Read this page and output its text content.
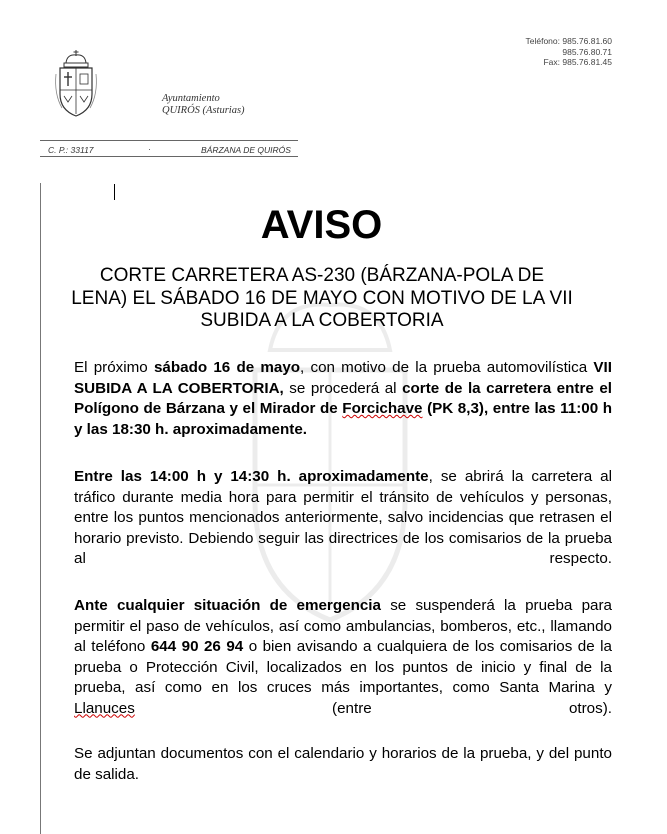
Teléfono: 985.76.81.60
985.76.80.71
Fax: 985.76.81.45
Ayuntamiento
QUIRÓS (Asturias)
C. P.: 33117	·	BÁRZANA DE QUIRÓS
AVISO
CORTE CARRETERA AS-230 (BÁRZANA-POLA DE LENA) EL SÁBADO 16 DE MAYO CON MOTIVO DE LA VII SUBIDA A LA COBERTORIA
El próximo sábado 16 de mayo, con motivo de la prueba automovilística VII SUBIDA A LA COBERTORIA, se procederá al corte de la carretera entre el Polígono de Bárzana y el Mirador de Forcichave (PK 8,3), entre las 11:00 h y las 18:30 h. aproximadamente.
Entre las 14:00 h y 14:30 h. aproximadamente, se abrirá la carretera al tráfico durante media hora para permitir el tránsito de vehículos y personas, entre los puntos mencionados anteriormente, salvo incidencias que retrasen el horario previsto. Debiendo seguir las directrices de los comisarios de la prueba al respecto.
Ante cualquier situación de emergencia se suspenderá la prueba para permitir el paso de vehículos, así como ambulancias, bomberos, etc., llamando al teléfono 644 90 26 94 o bien avisando a cualquiera de los comisarios de la prueba o Protección Civil, localizados en los puntos de inicio y final de la prueba, así como en los cruces más importantes, como Santa Marina y Llanuces (entre otros).
Se adjuntan documentos con el calendario y horarios de la prueba, y del punto de salida.
